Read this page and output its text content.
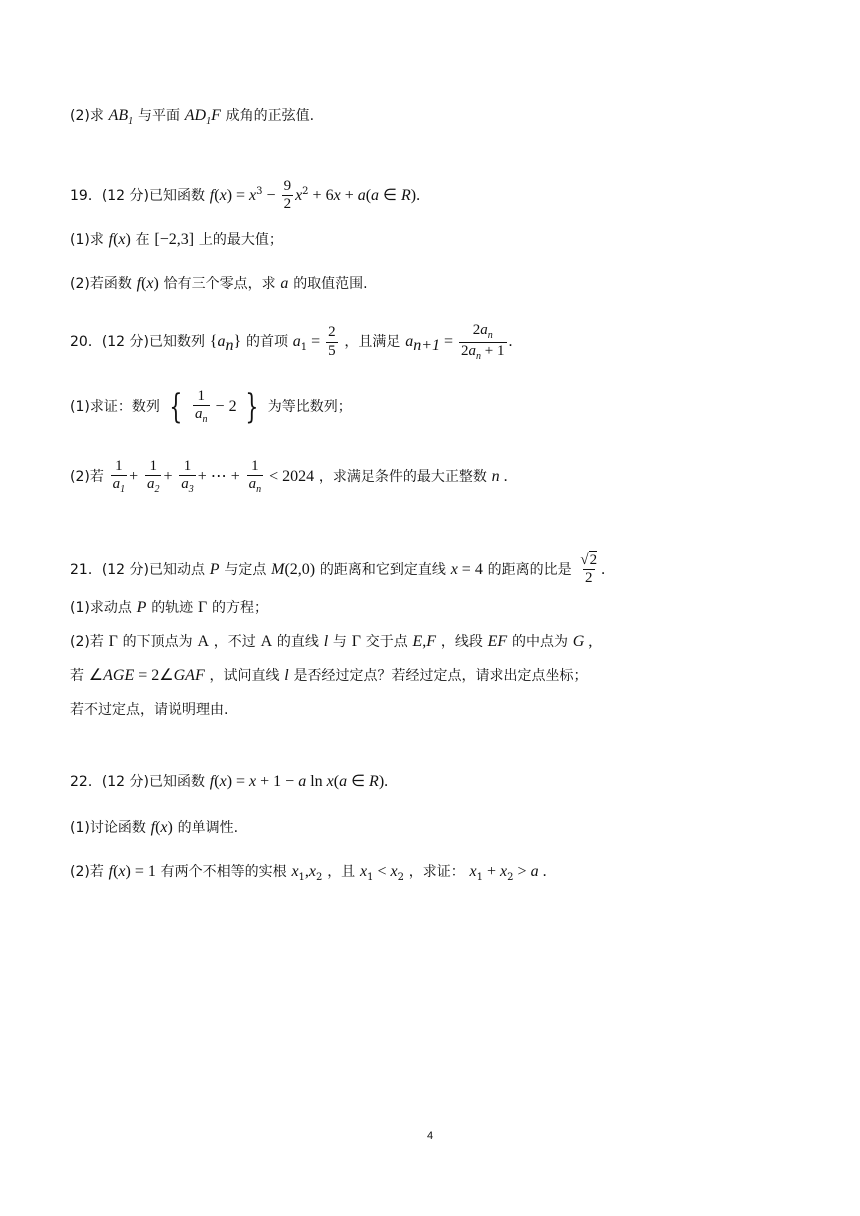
(2)求 $AB_1$ 与平面 $AD_1F$ 成角的正弦值.
19．(12 分)已知函数 $f(x) = x^3 - \frac{9}{2} x^2 + 6x + a(a$ ∈ R).
(1)求 f(x) 在 [−2,3] 上的最大值；
(2)若函数 f(x) 恰有三个零点，求 a 的取值范围.
20．(12 分)已知数列 $\{a_n\}$ 的首项 $a_1 = \frac{2}{5}$ ，且满足 $a_{n+1} = \frac{2a_n}{2a_n + 1}$ .
(1)求证：数列 { $\frac{1}{a_n} - 2$ } 为等比数列；
(2)若 $\frac{1}{a_1} + \frac{1}{a_2} + \frac{1}{a_3}$ + ⋯ + $\frac{1}{a_n} < 2024$ ，求满足条件的最大正整数 n .
21．(12 分)已知动点 P 与定点 M(2,0) 的距离和它到定直线 x = 4 的距离的比是 $\frac{√2}{2}$ .
(1)求动点 P 的轨迹 Γ 的方程；
(2)若 Γ 的下顶点为 A ，不过 A 的直线 l 与 Γ 交于点 E,F ，线段 EF 的中点为 G ,
若 ∠AGE = 2∠GAF ，试问直线 l 是否经过定点？若经过定点，请求出定点坐标；
若不过定点，请说明理由.
22．(12 分)已知函数 f(x) = x + 1 − a ln x(a ∈ R).
(1)讨论函数 f(x) 的单调性.
(2)若 f(x) = 1 有两个不相等的实根 $x_1,x_2$ ，且 $x_1 < x_2$ ，求证： $x_1 + x_2 > a$ .
4
